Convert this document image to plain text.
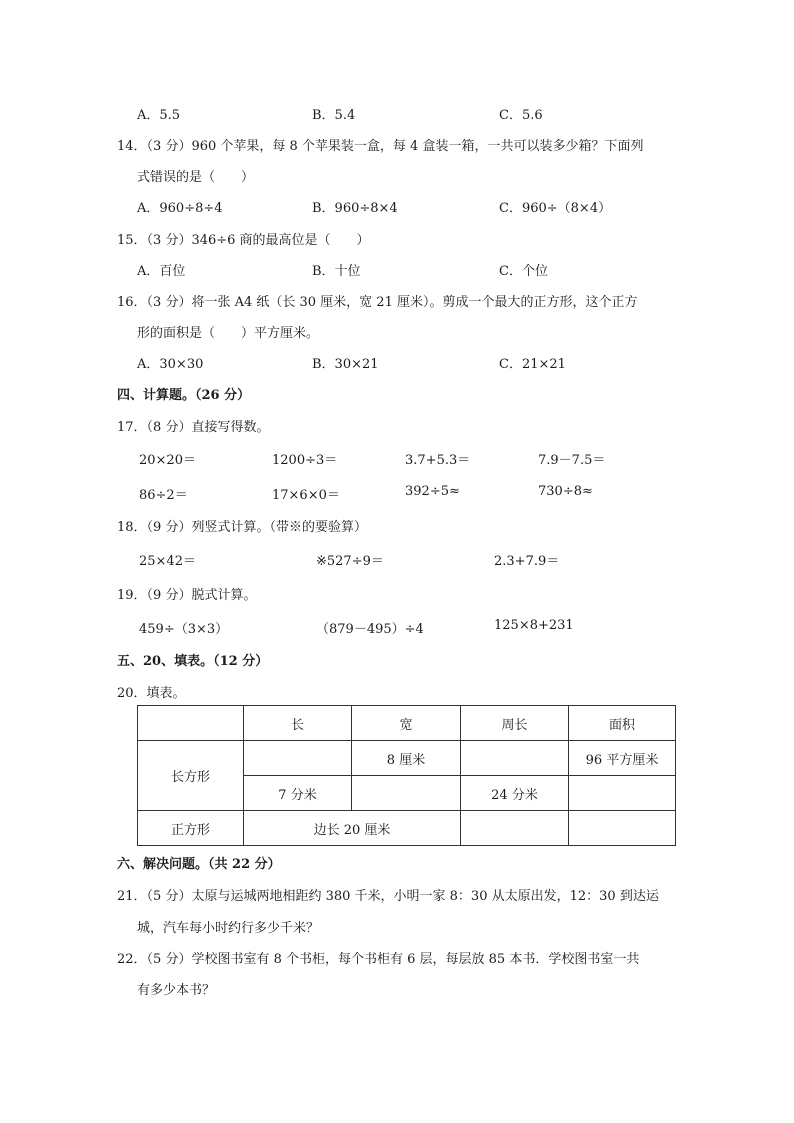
A．5.5	B．5.4	C．5.6
14．（3 分）960 个苹果，每 8 个苹果装一盒，每 4 盒装一箱，一共可以装多少箱？下面列
式错误的是（　　）
A．960÷8÷4	B．960÷8×4	C．960÷（8×4）
15．（3 分）346÷6 商的最高位是（　　）
A．百位	B．十位	C．个位
16．（3 分）将一张 A4 纸（长 30 厘米，宽 21 厘米）。剪成一个最大的正方形，这个正方
形的面积是（　　）平方厘米。
A．30×30	B．30×21	C．21×21
四、计算题。（26 分）
17．（8 分）直接写得数。
20×20＝	1200÷3＝	3.7+5.3＝	7.9－7.5＝
86÷2＝	17×6×0＝	392÷5≈	730÷8≈
18．（9 分）列竖式计算。（带※的要验算）
25×42＝	※527÷9＝	2.3+7.9＝
19．（9 分）脱式计算。
459÷（3×3）	（879－495）÷4	125×8+231
五、20、填表。（12 分）
20．填表。
	长	宽	周长	面积
长方形		8 厘米		96 平方厘米
	7 分米		24 分米	
正方形	边长 20 厘米			
六、解决问题。（共 22 分）
21．（5 分）太原与运城两地相距约 380 千米，小明一家 8：30 从太原出发，12：30 到达运
城，汽车每小时约行多少千米？
22．（5 分）学校图书室有 8 个书柜，每个书柜有 6 层，每层放 85 本书．学校图书室一共
有多少本书？
